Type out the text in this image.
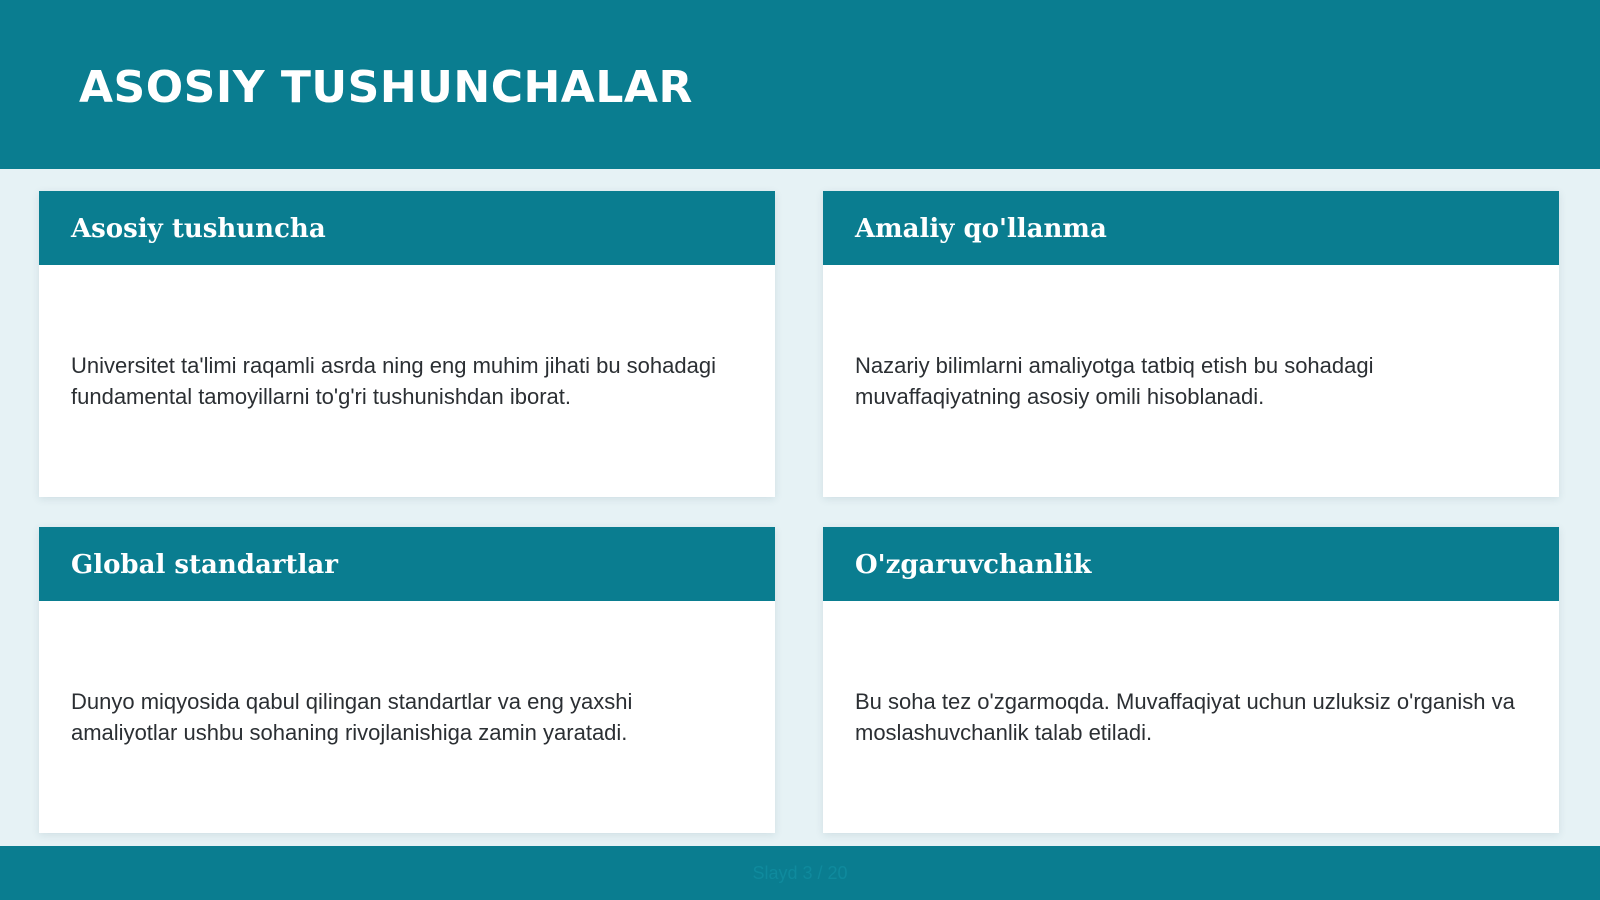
ASOSIY TUSHUNCHALAR
Asosiy tushuncha

Universitet ta'limi raqamli asrda ning eng muhim jihati bu sohadagi fundamental tamoyillarni to'g'ri tushunishdan iborat.

Amaliy qo'llanma

Nazariy bilimlarni amaliyotga tatbiq etish bu sohadagi muvaffaqiyatning asosiy omili hisoblanadi.

Global standartlar

Dunyo miqyosida qabul qilingan standartlar va eng yaxshi amaliyotlar ushbu sohaning rivojlanishiga zamin yaratadi.

O'zgaruvchanlik

Bu soha tez o'zgarmoqda. Muvaffaqiyat uchun uzluksiz o'rganish va moslashuvchanlik talab etiladi.

Slayd 3 / 20
